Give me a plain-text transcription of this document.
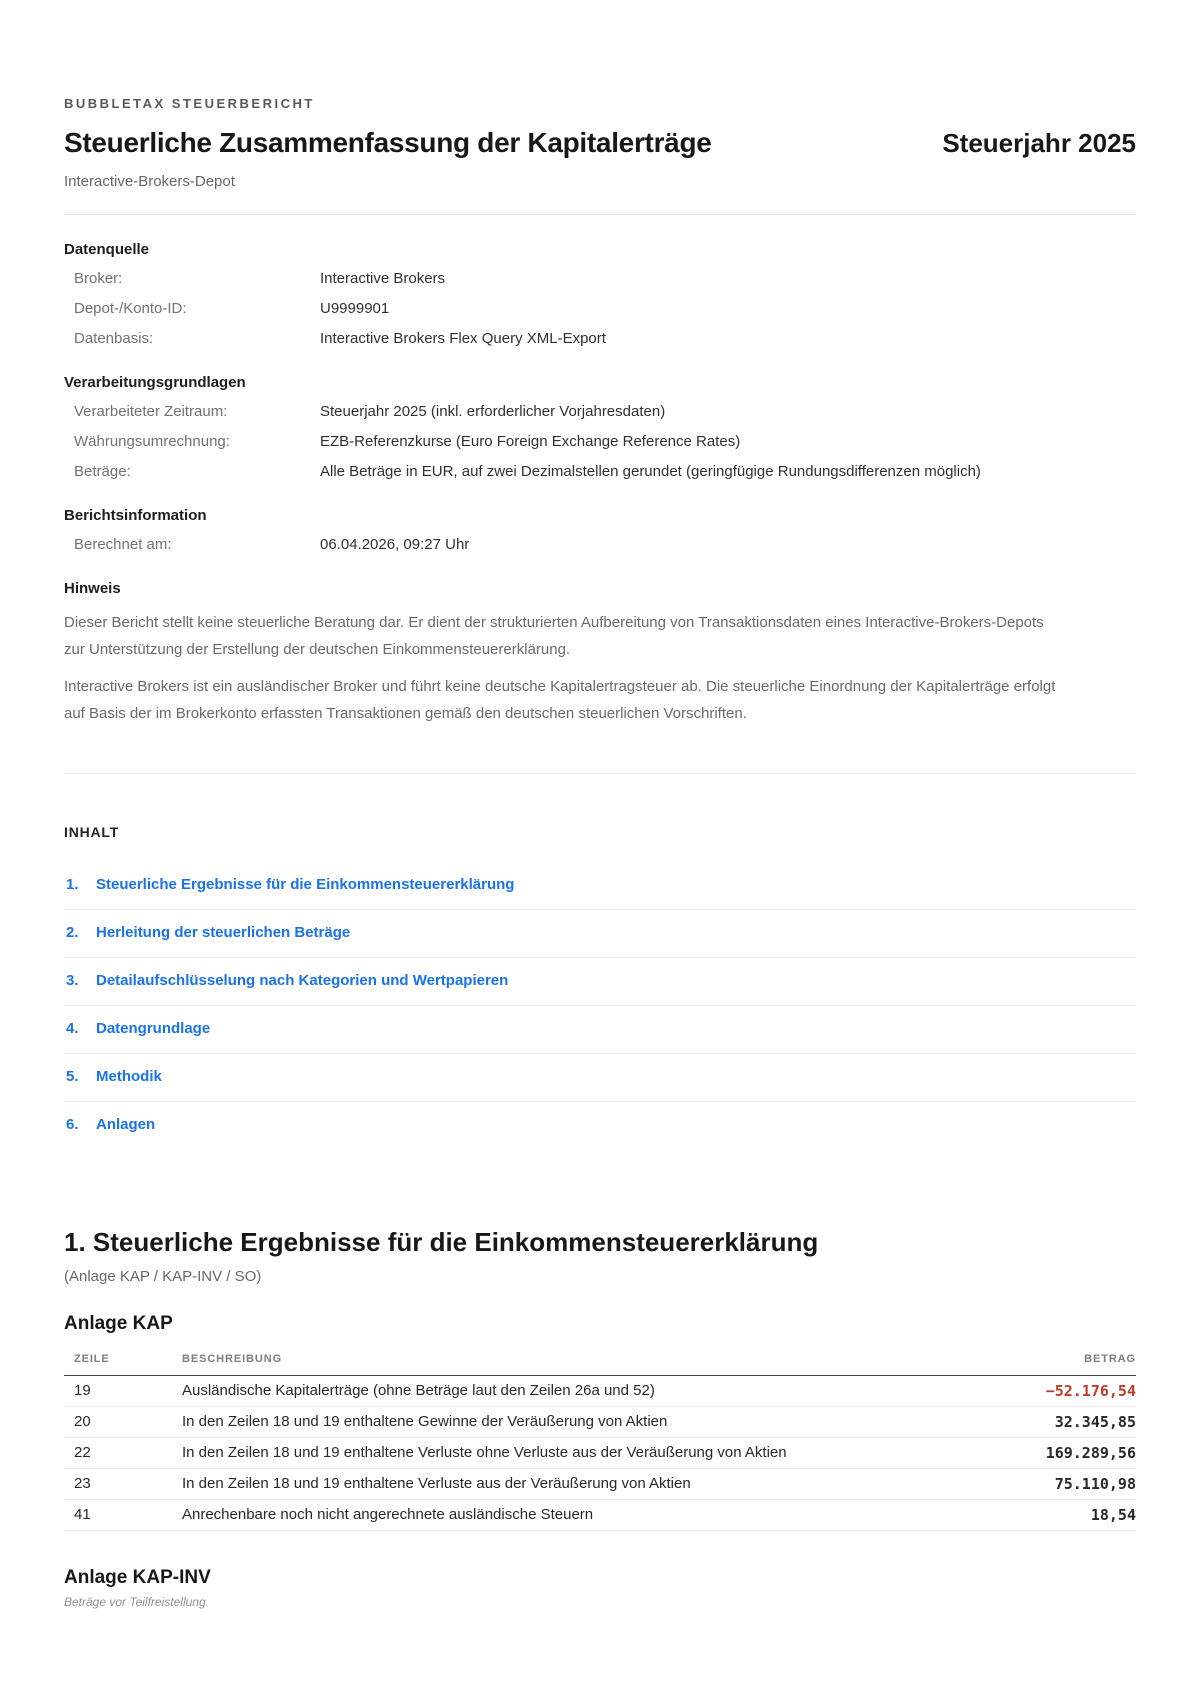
BUBBLETAX STEUERBERICHT
Steuerliche Zusammenfassung der Kapitalerträge	Steuerjahr 2025
Interactive-Brokers-Depot
Datenquelle
Broker:	Interactive Brokers
Depot-/Konto-ID:	U9999901
Datenbasis:	Interactive Brokers Flex Query XML-Export
Verarbeitungsgrundlagen
Verarbeiteter Zeitraum:	Steuerjahr 2025 (inkl. erforderlicher Vorjahresdaten)
Währungsumrechnung:	EZB-Referenzkurse (Euro Foreign Exchange Reference Rates)
Beträge:	Alle Beträge in EUR, auf zwei Dezimalstellen gerundet (geringfügige Rundungsdifferenzen möglich)
Berichtsinformation
Berechnet am:	06.04.2026, 09:27 Uhr
Hinweis

Dieser Bericht stellt keine steuerliche Beratung dar. Er dient der strukturierten Aufbereitung von Transaktionsdaten eines Interactive-Brokers-Depots zur Unterstützung der Erstellung der deutschen Einkommensteuererklärung.

Interactive Brokers ist ein ausländischer Broker und führt keine deutsche Kapitalertragsteuer ab. Die steuerliche Einordnung der Kapitalerträge erfolgt auf Basis der im Brokerkonto erfassten Transaktionen gemäß den deutschen steuerlichen Vorschriften.

INHALT
1. Steuerliche Ergebnisse für die Einkommensteuererklärung
2. Herleitung der steuerlichen Beträge
3. Detailaufschlüsselung nach Kategorien und Wertpapieren
4. Datengrundlage
5. Methodik
6. Anlagen
1. Steuerliche Ergebnisse für die Einkommensteuererklärung
(Anlage KAP / KAP-INV / SO)
Anlage KAP
ZEILE	BESCHREIBUNG	BETRAG
19	Ausländische Kapitalerträge (ohne Beträge laut den Zeilen 26a und 52)	−52.176,54
20	In den Zeilen 18 und 19 enthaltene Gewinne der Veräußerung von Aktien	32.345,85
22	In den Zeilen 18 und 19 enthaltene Verluste ohne Verluste aus der Veräußerung von Aktien	169.289,56
23	In den Zeilen 18 und 19 enthaltene Verluste aus der Veräußerung von Aktien	75.110,98
41	Anrechenbare noch nicht angerechnete ausländische Steuern	18,54
Anlage KAP-INV
Beträge vor Teilfreistellung
